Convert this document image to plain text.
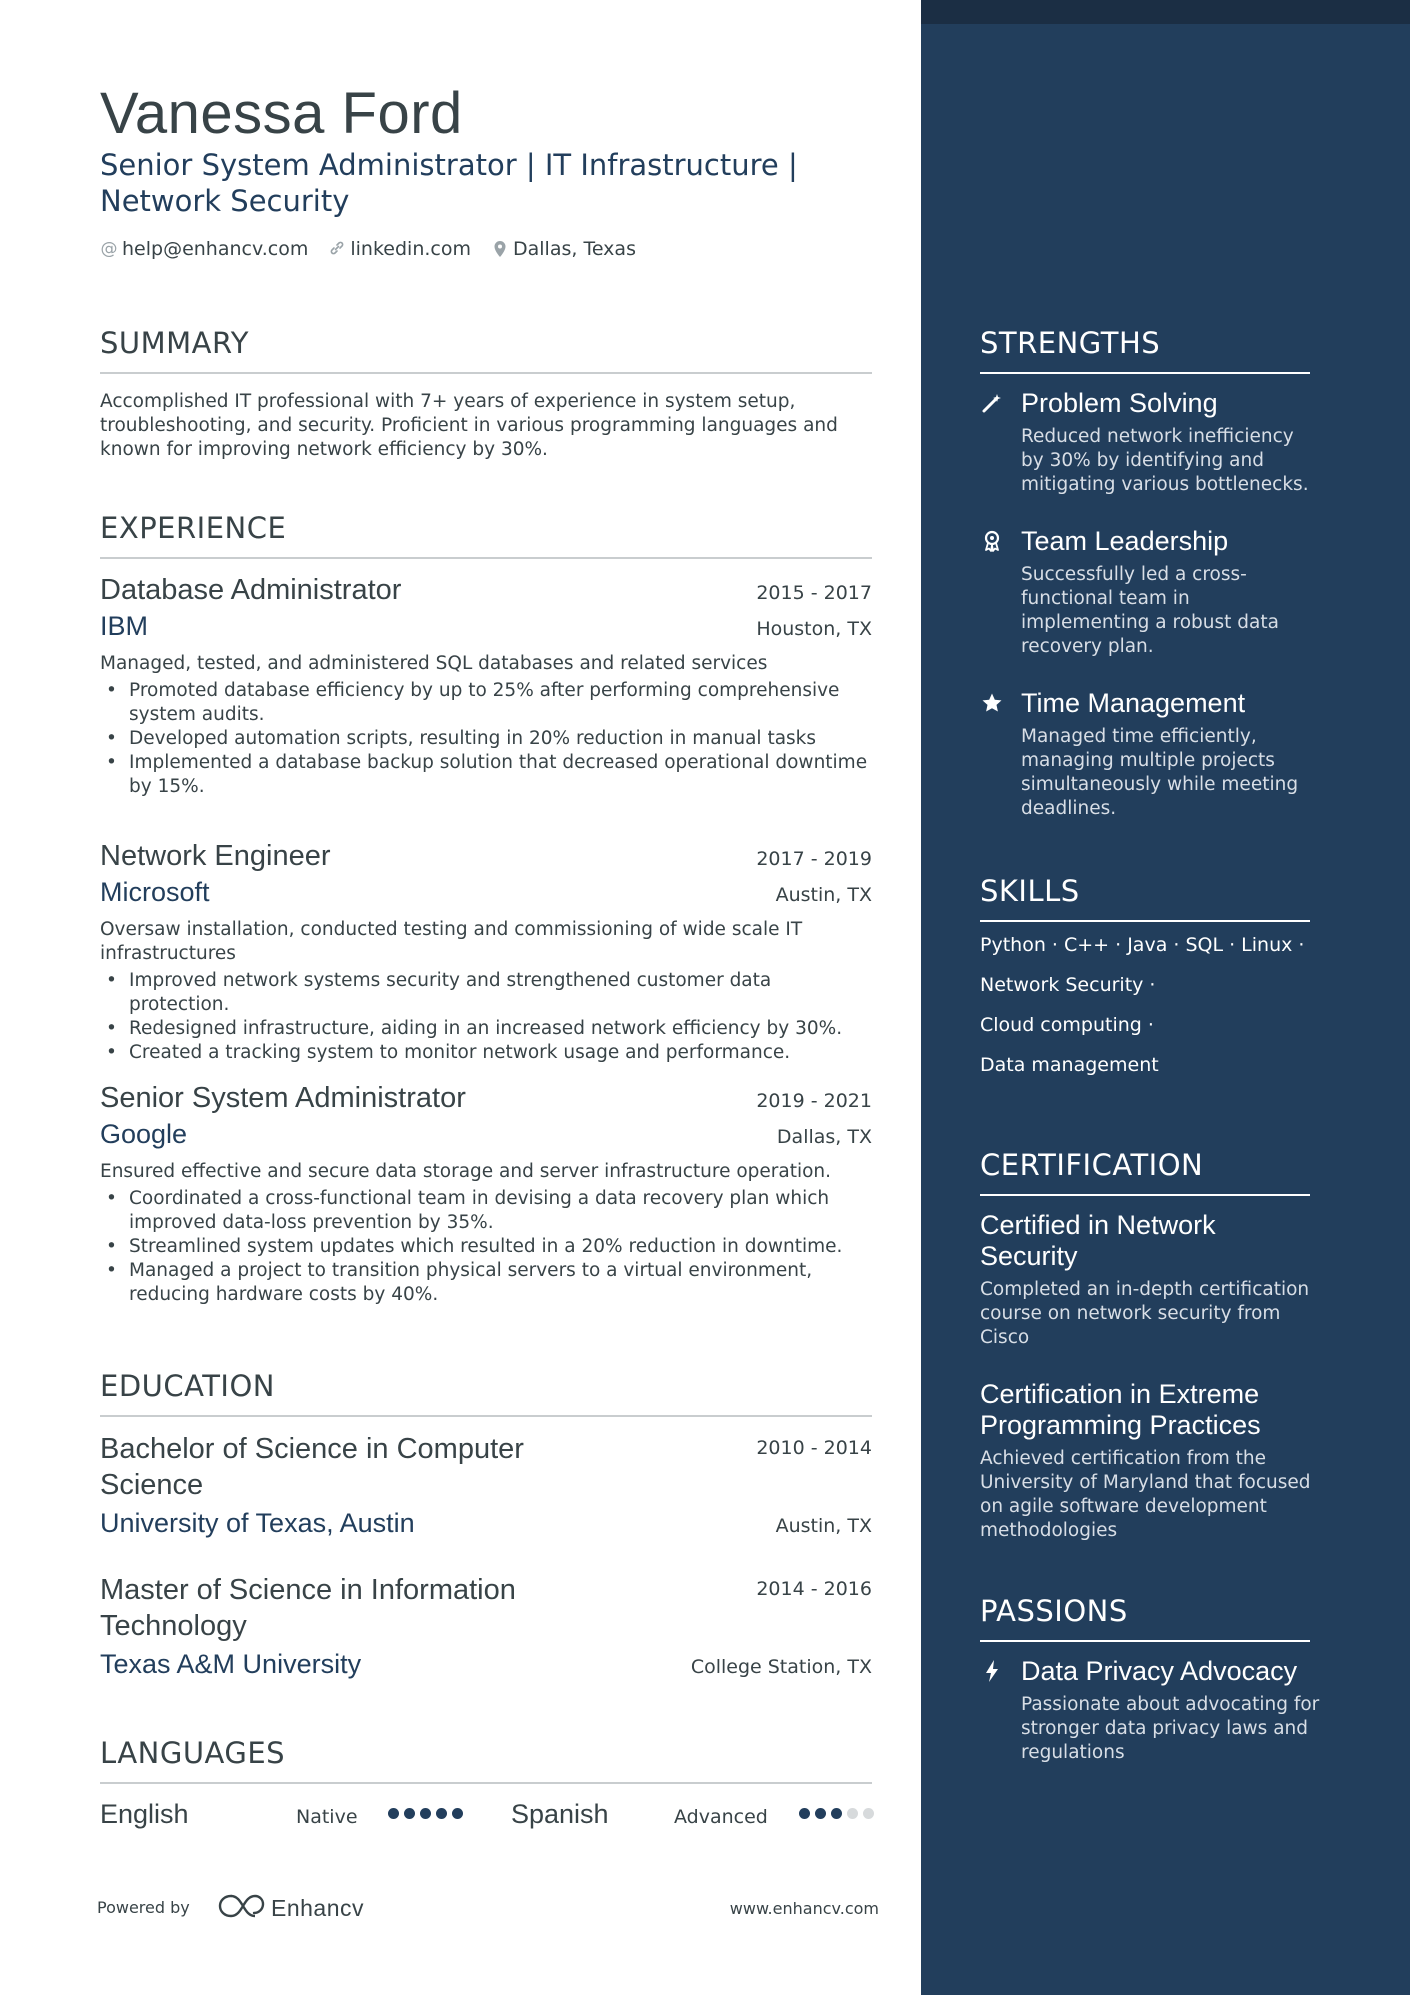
Vanessa Ford
Senior System Administrator | IT Infrastructure | Network Security
@ help@enhancv.com linkedin.com Dallas, Texas
SUMMARY
Accomplished IT professional with 7+ years of experience in system setup, troubleshooting, and security. Proficient in various programming languages and known for improving network efficiency by 30%.
EXPERIENCE
Database Administrator	2015 - 2017
IBM	Houston, TX
Managed, tested, and administered SQL databases and related services
• Promoted database efficiency by up to 25% after performing comprehensive system audits.
• Developed automation scripts, resulting in 20% reduction in manual tasks
• Implemented a database backup solution that decreased operational downtime by 15%.
Network Engineer	2017 - 2019
Microsoft	Austin, TX
Oversaw installation, conducted testing and commissioning of wide scale IT infrastructures
• Improved network systems security and strengthened customer data protection.
• Redesigned infrastructure, aiding in an increased network efficiency by 30%.
• Created a tracking system to monitor network usage and performance.
Senior System Administrator	2019 - 2021
Google	Dallas, TX
Ensured effective and secure data storage and server infrastructure operation.
• Coordinated a cross-functional team in devising a data recovery plan which improved data-loss prevention by 35%.
• Streamlined system updates which resulted in a 20% reduction in downtime.
• Managed a project to transition physical servers to a virtual environment, reducing hardware costs by 40%.
EDUCATION
Bachelor of Science in Computer Science
2010 - 2014
University of Texas, Austin	Austin, TX
Master of Science in Information Technology
2014 - 2016
Texas A&M University	College Station, TX
LANGUAGES
English	Native	Spanish	Advanced
Powered by	Enhancv	www.enhancv.com
STRENGTHS
Problem Solving
Reduced network inefficiency by 30% by identifying and mitigating various bottlenecks.
Team Leadership
Successfully led a cross-functional team in implementing a robust data recovery plan.
Time Management
Managed time efficiently, managing multiple projects simultaneously while meeting deadlines.
SKILLS
Python · C++ · Java · SQL · Linux ·
Network Security ·
Cloud computing ·
Data management
CERTIFICATION
Certified in Network Security
Completed an in-depth certification course on network security from Cisco
Certification in Extreme Programming Practices
Achieved certification from the University of Maryland that focused on agile software development methodologies
PASSIONS
Data Privacy Advocacy
Passionate about advocating for stronger data privacy laws and regulations
